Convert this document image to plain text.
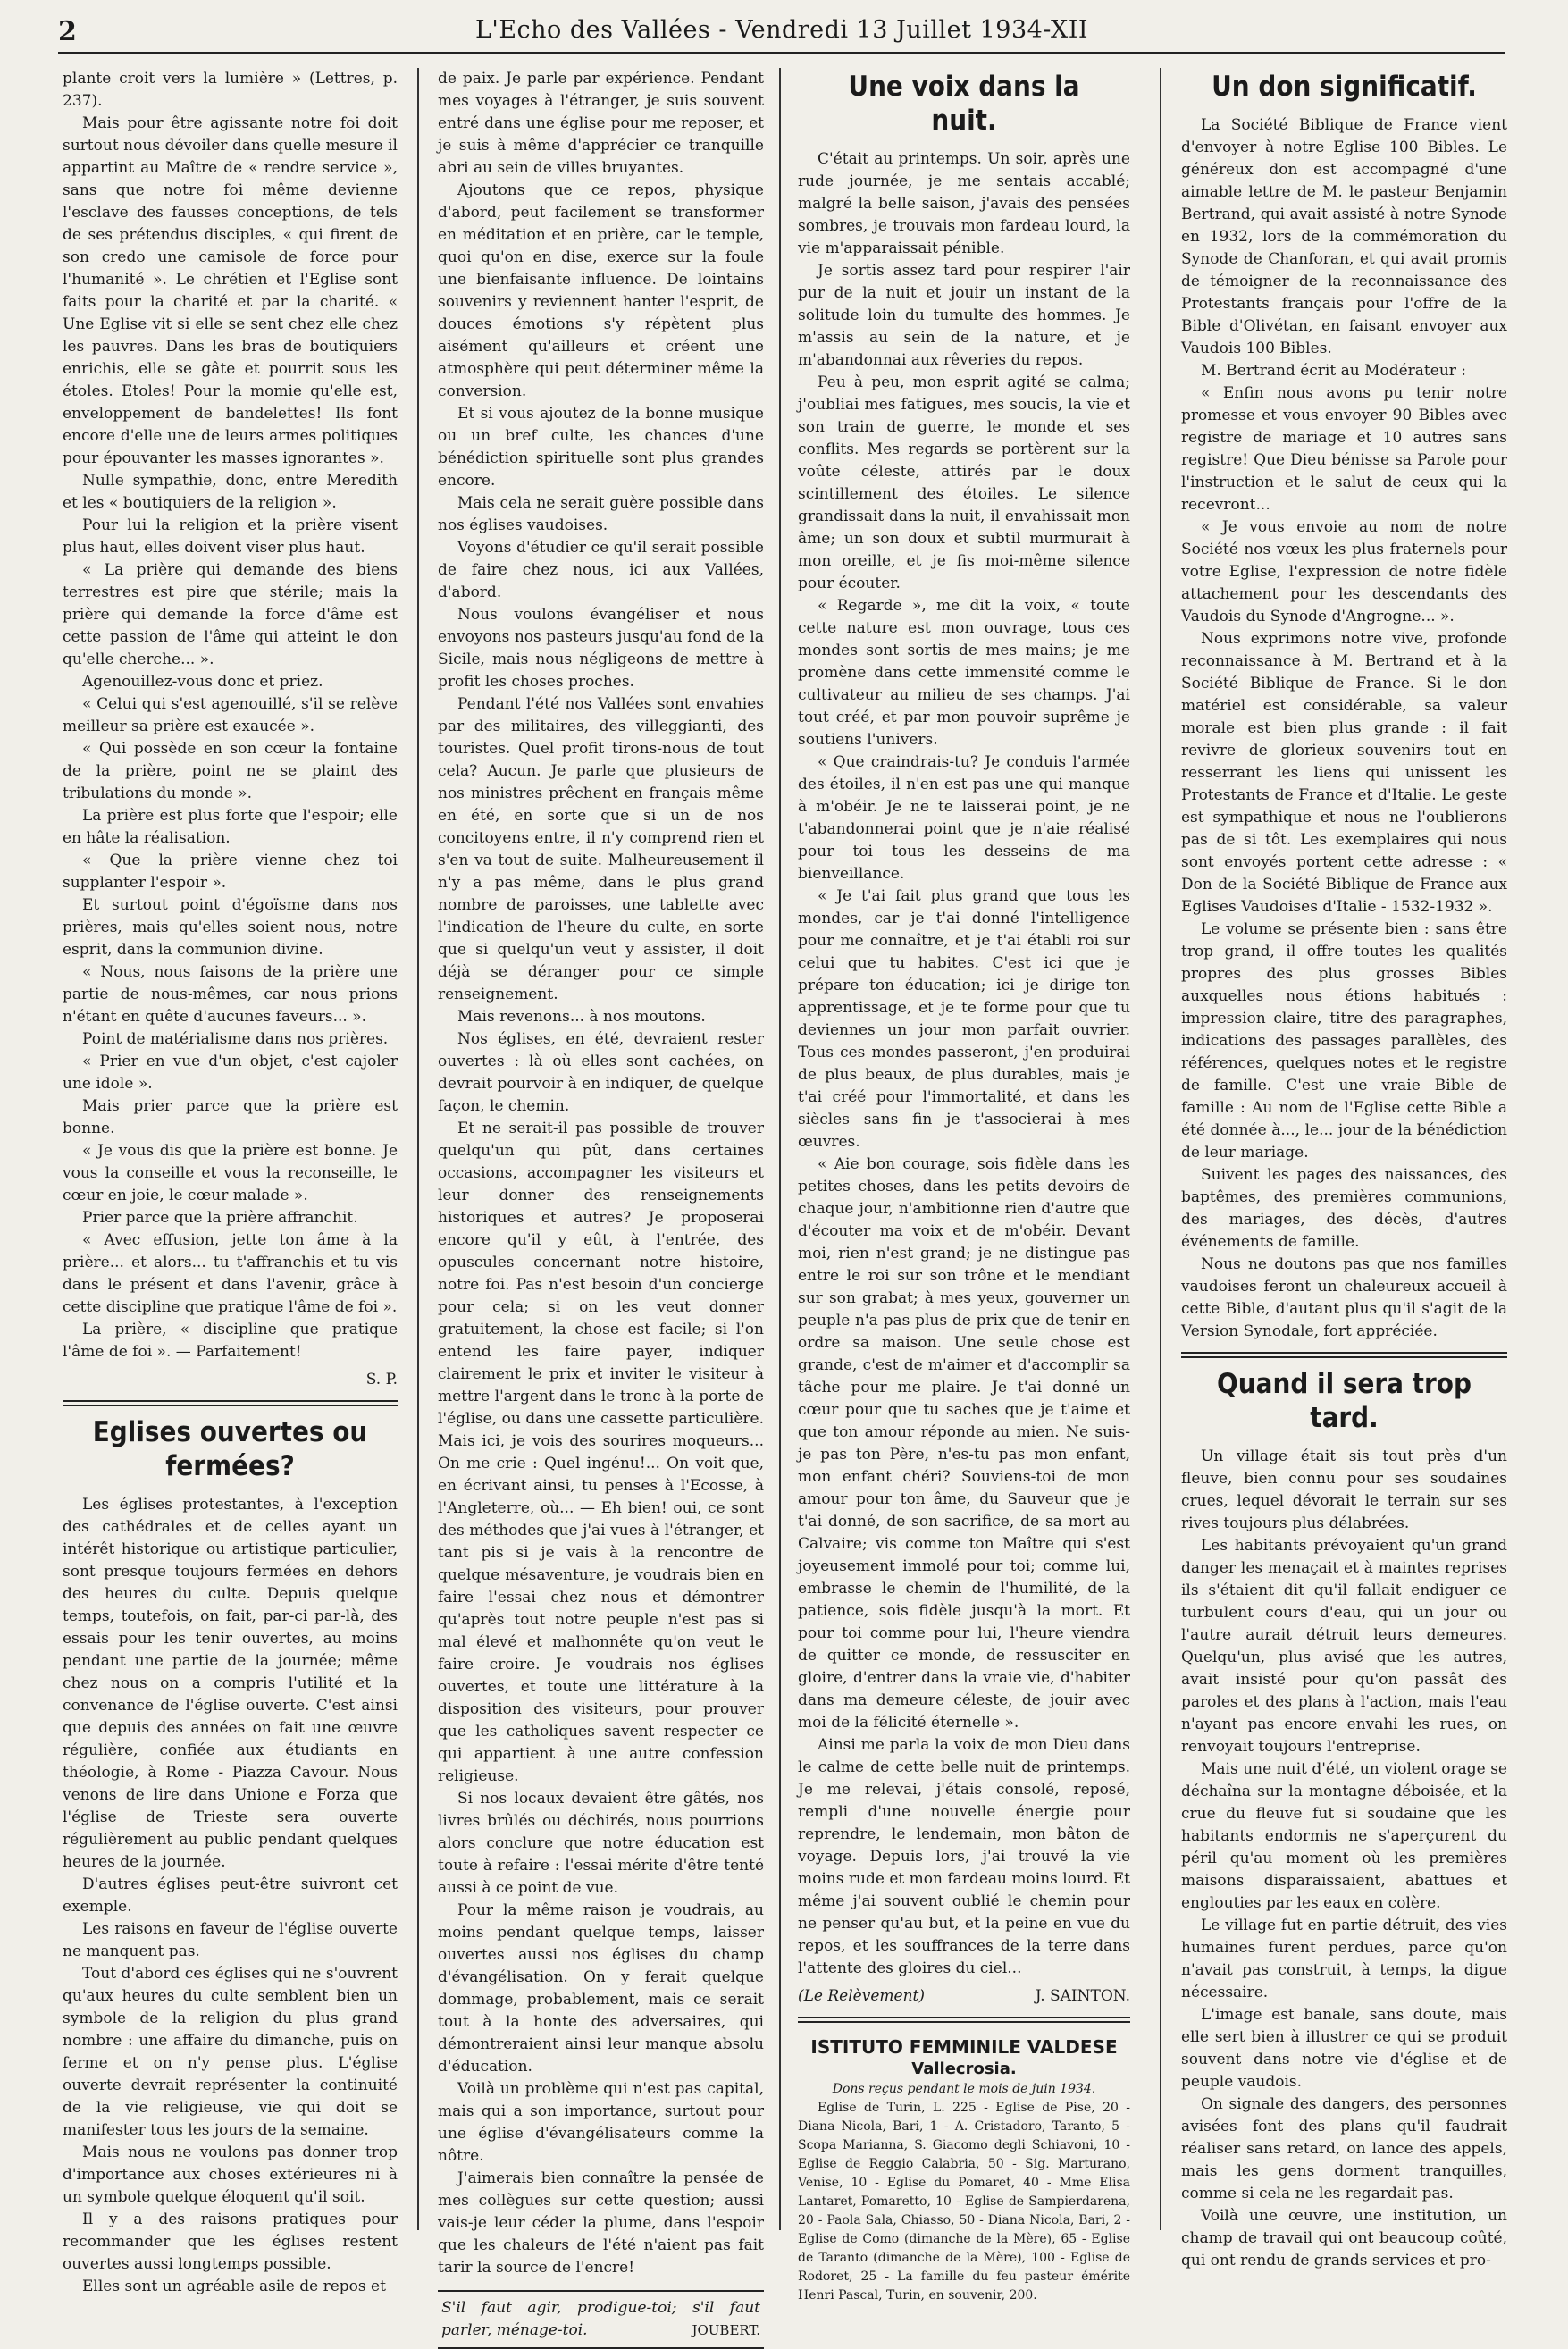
2	L'Echo des Vallées - Vendredi 13 Juillet 1934-XII

plante croit vers la lumière » (Lettres, p. 237).

Mais pour être agissante notre foi doit surtout nous dévoiler dans quelle mesure il appartint au Maître de « rendre service », sans que notre foi même devienne l'esclave des fausses conceptions, de tels de ses prétendus disciples, « qui firent de son credo une camisole de force pour l'humanité ». Le chrétien et l'Eglise sont faits pour la charité et par la charité. « Une Eglise vit si elle se sent chez elle chez les pauvres. Dans les bras de boutiquiers enrichis, elle se gâte et pourrit sous les étoles. Etoles! Pour la momie qu'elle est, enveloppement de bandelettes! Ils font encore d'elle une de leurs armes politiques pour épouvanter les masses ignorantes ».

Nulle sympathie, donc, entre Meredith et les « boutiquiers de la religion ».

Pour lui la religion et la prière visent plus haut, elles doivent viser plus haut.

« La prière qui demande des biens terrestres est pire que stérile; mais la prière qui demande la force d'âme est cette passion de l'âme qui atteint le don qu'elle cherche... ».

Agenouillez-vous donc et priez.

« Celui qui s'est agenouillé, s'il se relève meilleur sa prière est exaucée ».

« Qui possède en son cœur la fontaine de la prière, point ne se plaint des tribulations du monde ».

La prière est plus forte que l'espoir; elle en hâte la réalisation.

« Que la prière vienne chez toi supplanter l'espoir ».

Et surtout point d'égoïsme dans nos prières, mais qu'elles soient nous, notre esprit, dans la communion divine.

« Nous, nous faisons de la prière une partie de nous-mêmes, car nous prions n'étant en quête d'aucunes faveurs... ».

Point de matérialisme dans nos prières.

« Prier en vue d'un objet, c'est cajoler une idole ».

Mais prier parce que la prière est bonne.

« Je vous dis que la prière est bonne. Je vous la conseille et vous la reconseille, le cœur en joie, le cœur malade ».

Prier parce que la prière affranchit.

« Avec effusion, jette ton âme à la prière... et alors... tu t'affranchis et tu vis dans le présent et dans l'avenir, grâce à cette discipline que pratique l'âme de foi ».

La prière, « discipline que pratique l'âme de foi ». — Parfaitement!

S. P.
Eglises ouvertes ou fermées?

Les églises protestantes, à l'exception des cathédrales et de celles ayant un intérêt historique ou artistique particulier, sont presque toujours fermées en dehors des heures du culte. Depuis quelque temps, toutefois, on fait, par-ci par-là, des essais pour les tenir ouvertes, au moins pendant une partie de la journée; même chez nous on a compris l'utilité et la convenance de l'église ouverte. C'est ainsi que depuis des années on fait une œuvre régulière, confiée aux étudiants en théologie, à Rome - Piazza Cavour. Nous venons de lire dans Unione e Forza que l'église de Trieste sera ouverte régulièrement au public pendant quelques heures de la journée.

D'autres églises peut-être suivront cet exemple.

Les raisons en faveur de l'église ouverte ne manquent pas.

Tout d'abord ces églises qui ne s'ouvrent qu'aux heures du culte semblent bien un symbole de la religion du plus grand nombre : une affaire du dimanche, puis on ferme et on n'y pense plus. L'église ouverte devrait représenter la continuité de la vie religieuse, vie qui doit se manifester tous les jours de la semaine.

Mais nous ne voulons pas donner trop d'importance aux choses extérieures ni à un symbole quelque éloquent qu'il soit.

Il y a des raisons pratiques pour recommander que les églises restent ouvertes aussi longtemps possible.

Elles sont un agréable asile de repos et

de paix. Je parle par expérience. Pendant mes voyages à l'étranger, je suis souvent entré dans une église pour me reposer, et je suis à même d'apprécier ce tranquille abri au sein de villes bruyantes.

Ajoutons que ce repos, physique d'abord, peut facilement se transformer en méditation et en prière, car le temple, quoi qu'on en dise, exerce sur la foule une bienfaisante influence. De lointains souvenirs y reviennent hanter l'esprit, de douces émotions s'y répètent plus aisément qu'ailleurs et créent une atmosphère qui peut déterminer même la conversion.

Et si vous ajoutez de la bonne musique ou un bref culte, les chances d'une bénédiction spirituelle sont plus grandes encore.

Mais cela ne serait guère possible dans nos églises vaudoises.

Voyons d'étudier ce qu'il serait possible de faire chez nous, ici aux Vallées, d'abord.

Nous voulons évangéliser et nous envoyons nos pasteurs jusqu'au fond de la Sicile, mais nous négligeons de mettre à profit les choses proches.

Pendant l'été nos Vallées sont envahies par des militaires, des villeggianti, des touristes. Quel profit tirons-nous de tout cela? Aucun. Je parle que plusieurs de nos ministres prêchent en français même en été, en sorte que si un de nos concitoyens entre, il n'y comprend rien et s'en va tout de suite. Malheureusement il n'y a pas même, dans le plus grand nombre de paroisses, une tablette avec l'indication de l'heure du culte, en sorte que si quelqu'un veut y assister, il doit déjà se déranger pour ce simple renseignement.

Mais revenons... à nos moutons.

Nos églises, en été, devraient rester ouvertes : là où elles sont cachées, on devrait pourvoir à en indiquer, de quelque façon, le chemin.

Et ne serait-il pas possible de trouver quelqu'un qui pût, dans certaines occasions, accompagner les visiteurs et leur donner des renseignements historiques et autres? Je proposerai encore qu'il y eût, à l'entrée, des opuscules concernant notre histoire, notre foi. Pas n'est besoin d'un concierge pour cela; si on les veut donner gratuitement, la chose est facile; si l'on entend les faire payer, indiquer clairement le prix et inviter le visiteur à mettre l'argent dans le tronc à la porte de l'église, ou dans une cassette particulière. Mais ici, je vois des sourires moqueurs... On me crie : Quel ingénu!... On voit que, en écrivant ainsi, tu penses à l'Ecosse, à l'Angleterre, où... — Eh bien! oui, ce sont des méthodes que j'ai vues à l'étranger, et tant pis si je vais à la rencontre de quelque mésaventure, je voudrais bien en faire l'essai chez nous et démontrer qu'après tout notre peuple n'est pas si mal élevé et malhonnête qu'on veut le faire croire. Je voudrais nos églises ouvertes, et toute une littérature à la disposition des visiteurs, pour prouver que les catholiques savent respecter ce qui appartient à une autre confession religieuse.

Si nos locaux devaient être gâtés, nos livres brûlés ou déchirés, nous pourrions alors conclure que notre éducation est toute à refaire : l'essai mérite d'être tenté aussi à ce point de vue.

Pour la même raison je voudrais, au moins pendant quelque temps, laisser ouvertes aussi nos églises du champ d'évangélisation. On y ferait quelque dommage, probablement, mais ce serait tout à la honte des adversaires, qui démontreraient ainsi leur manque absolu d'éducation.

Voilà un problème qui n'est pas capital, mais qui a son importance, surtout pour une église d'évangélisateurs comme la nôtre.

J'aimerais bien connaître la pensée de mes collègues sur cette question; aussi vais-je leur céder la plume, dans l'espoir que les chaleurs de l'été n'aient pas fait tarir la source de l'encre!

S'il faut agir, prodigue-toi; s'il faut parler, ménage-toi.	JOUBERT.
Une voix dans la nuit.

C'était au printemps. Un soir, après une rude journée, je me sentais accablé; malgré la belle saison, j'avais des pensées sombres, je trouvais mon fardeau lourd, la vie m'apparaissait pénible.

Je sortis assez tard pour respirer l'air pur de la nuit et jouir un instant de la solitude loin du tumulte des hommes. Je m'assis au sein de la nature, et je m'abandonnai aux rêveries du repos.

Peu à peu, mon esprit agité se calma; j'oubliai mes fatigues, mes soucis, la vie et son train de guerre, le monde et ses conflits. Mes regards se portèrent sur la voûte céleste, attirés par le doux scintillement des étoiles. Le silence grandissait dans la nuit, il envahissait mon âme; un son doux et subtil murmurait à mon oreille, et je fis moi-même silence pour écouter.

« Regarde », me dit la voix, « toute cette nature est mon ouvrage, tous ces mondes sont sortis de mes mains; je me promène dans cette immensité comme le cultivateur au milieu de ses champs. J'ai tout créé, et par mon pouvoir suprême je soutiens l'univers.

« Que craindrais-tu? Je conduis l'armée des étoiles, il n'en est pas une qui manque à m'obéir. Je ne te laisserai point, je ne t'abandonnerai point que je n'aie réalisé pour toi tous les desseins de ma bienveillance.

« Je t'ai fait plus grand que tous les mondes, car je t'ai donné l'intelligence pour me connaître, et je t'ai établi roi sur celui que tu habites. C'est ici que je prépare ton éducation; ici je dirige ton apprentissage, et je te forme pour que tu deviennes un jour mon parfait ouvrier. Tous ces mondes passeront, j'en produirai de plus beaux, de plus durables, mais je t'ai créé pour l'immortalité, et dans les siècles sans fin je t'associerai à mes œuvres.

« Aie bon courage, sois fidèle dans les petites choses, dans les petits devoirs de chaque jour, n'ambitionne rien d'autre que d'écouter ma voix et de m'obéir. Devant moi, rien n'est grand; je ne distingue pas entre le roi sur son trône et le mendiant sur son grabat; à mes yeux, gouverner un peuple n'a pas plus de prix que de tenir en ordre sa maison. Une seule chose est grande, c'est de m'aimer et d'accomplir sa tâche pour me plaire. Je t'ai donné un cœur pour que tu saches que je t'aime et que ton amour réponde au mien. Ne suis-je pas ton Père, n'es-tu pas mon enfant, mon enfant chéri? Souviens-toi de mon amour pour ton âme, du Sauveur que je t'ai donné, de son sacrifice, de sa mort au Calvaire; vis comme ton Maître qui s'est joyeusement immolé pour toi; comme lui, embrasse le chemin de l'humilité, de la patience, sois fidèle jusqu'à la mort. Et pour toi comme pour lui, l'heure viendra de quitter ce monde, de ressusciter en gloire, d'entrer dans la vraie vie, d'habiter dans ma demeure céleste, de jouir avec moi de la félicité éternelle ».

Ainsi me parla la voix de mon Dieu dans le calme de cette belle nuit de printemps. Je me relevai, j'étais consolé, reposé, rempli d'une nouvelle énergie pour reprendre, le lendemain, mon bâton de voyage. Depuis lors, j'ai trouvé la vie moins rude et mon fardeau moins lourd. Et même j'ai souvent oublié le chemin pour ne penser qu'au but, et la peine en vue du repos, et les souffrances de la terre dans l'attente des gloires du ciel...

(Le Relèvement)	J. SAINTON.
ISTITUTO FEMMINILE VALDESE
Vallecrosia.

Dons reçus pendant le mois de juin 1934.

Eglise de Turin, L. 225 - Eglise de Pise, 20 - Diana Nicola, Bari, 1 - A. Cristadoro, Taranto, 5 - Scopa Marianna, S. Giacomo degli Schiavoni, 10 - Eglise de Reggio Calabria, 50 - Sig. Marturano, Venise, 10 - Eglise du Pomaret, 40 - Mme Elisa Lantaret, Pomaretto, 10 - Eglise de Sampierdarena, 20 - Paola Sala, Chiasso, 50 - Diana Nicola, Bari, 2 - Eglise de Como (dimanche de la Mère), 65 - Eglise de Taranto (dimanche de la Mère), 100 - Eglise de Rodoret, 25 - La famille du feu pasteur émérite Henri Pascal, Turin, en souvenir, 200.

Un don significatif.

La Société Biblique de France vient d'envoyer à notre Eglise 100 Bibles. Le généreux don est accompagné d'une aimable lettre de M. le pasteur Benjamin Bertrand, qui avait assisté à notre Synode en 1932, lors de la commémoration du Synode de Chanforan, et qui avait promis de témoigner de la reconnaissance des Protestants français pour l'offre de la Bible d'Olivétan, en faisant envoyer aux Vaudois 100 Bibles.

M. Bertrand écrit au Modérateur :

« Enfin nous avons pu tenir notre promesse et vous envoyer 90 Bibles avec registre de mariage et 10 autres sans registre! Que Dieu bénisse sa Parole pour l'instruction et le salut de ceux qui la recevront...

« Je vous envoie au nom de notre Société nos vœux les plus fraternels pour votre Eglise, l'expression de notre fidèle attachement pour les descendants des Vaudois du Synode d'Angrogne... ».

Nous exprimons notre vive, profonde reconnaissance à M. Bertrand et à la Société Biblique de France. Si le don matériel est considérable, sa valeur morale est bien plus grande : il fait revivre de glorieux souvenirs tout en resserrant les liens qui unissent les Protestants de France et d'Italie. Le geste est sympathique et nous ne l'oublierons pas de si tôt. Les exemplaires qui nous sont envoyés portent cette adresse : « Don de la Société Biblique de France aux Eglises Vaudoises d'Italie - 1532-1932 ».

Le volume se présente bien : sans être trop grand, il offre toutes les qualités propres des plus grosses Bibles auxquelles nous étions habitués : impression claire, titre des paragraphes, indications des passages parallèles, des références, quelques notes et le registre de famille. C'est une vraie Bible de famille : Au nom de l'Eglise cette Bible a été donnée à..., le... jour de la bénédiction de leur mariage.

Suivent les pages des naissances, des baptêmes, des premières communions, des mariages, des décès, d'autres événements de famille.

Nous ne doutons pas que nos familles vaudoises feront un chaleureux accueil à cette Bible, d'autant plus qu'il s'agit de la Version Synodale, fort appréciée.

Quand il sera trop tard.

Un village était sis tout près d'un fleuve, bien connu pour ses soudaines crues, lequel dévorait le terrain sur ses rives toujours plus délabrées.

Les habitants prévoyaient qu'un grand danger les menaçait et à maintes reprises ils s'étaient dit qu'il fallait endiguer ce turbulent cours d'eau, qui un jour ou l'autre aurait détruit leurs demeures. Quelqu'un, plus avisé que les autres, avait insisté pour qu'on passât des paroles et des plans à l'action, mais l'eau n'ayant pas encore envahi les rues, on renvoyait toujours l'entreprise.

Mais une nuit d'été, un violent orage se déchaîna sur la montagne déboisée, et la crue du fleuve fut si soudaine que les habitants endormis ne s'aperçurent du péril qu'au moment où les premières maisons disparaissaient, abattues et englouties par les eaux en colère.

Le village fut en partie détruit, des vies humaines furent perdues, parce qu'on n'avait pas construit, à temps, la digue nécessaire.

L'image est banale, sans doute, mais elle sert bien à illustrer ce qui se produit souvent dans notre vie d'église et de peuple vaudois.

On signale des dangers, des personnes avisées font des plans qu'il faudrait réaliser sans retard, on lance des appels, mais les gens dorment tranquilles, comme si cela ne les regardait pas.

Voilà une œuvre, une institution, un champ de travail qui ont beaucoup coûté, qui ont rendu de grands services et pro-
